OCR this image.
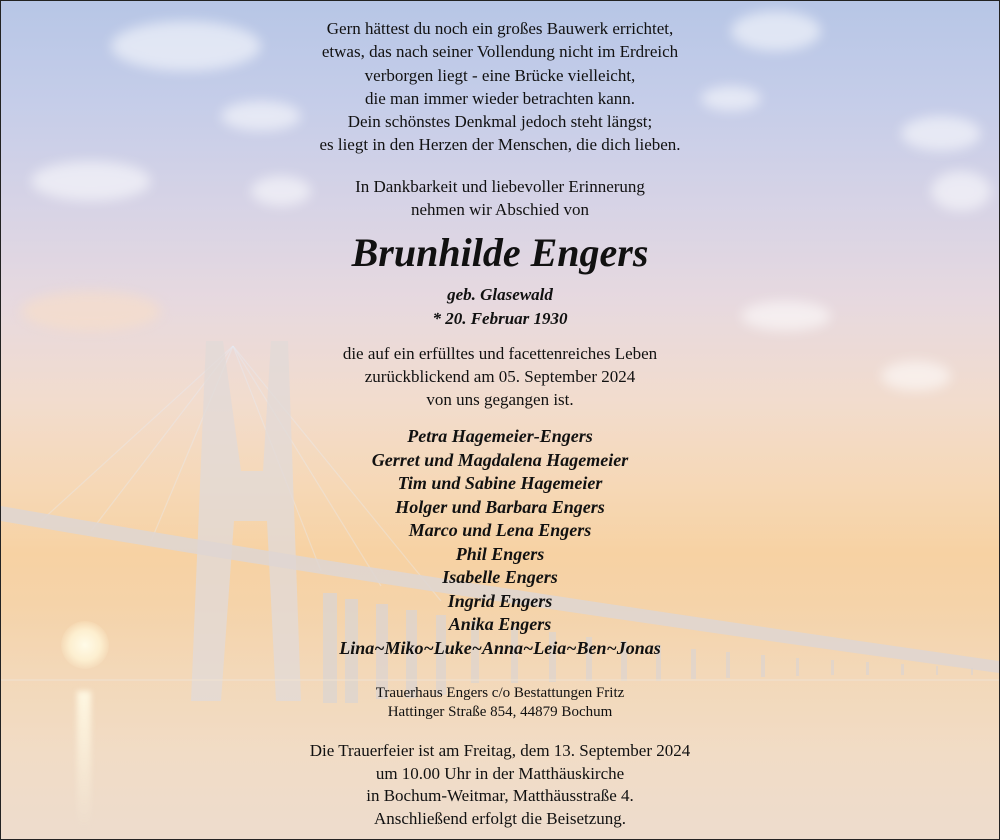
Gern hättest du noch ein großes Bauwerk errichtet,
etwas, das nach seiner Vollendung nicht im Erdreich
verborgen liegt - eine Brücke vielleicht,
die man immer wieder betrachten kann.
Dein schönstes Denkmal jedoch steht längst;
es liegt in den Herzen der Menschen, die dich lieben.
In Dankbarkeit und liebevoller Erinnerung
nehmen wir Abschied von
Brunhilde Engers
geb. Glasewald
* 20. Februar 1930
die auf ein erfülltes und facettenreiches Leben
zurückblickend am 05. September 2024
von uns gegangen ist.
Petra Hagemeier-Engers
Gerret und Magdalena Hagemeier
Tim und Sabine Hagemeier
Holger und Barbara Engers
Marco und Lena Engers
Phil Engers
Isabelle Engers
Ingrid Engers
Anika Engers
Lina~Miko~Luke~Anna~Leia~Ben~Jonas
Trauerhaus Engers c/o Bestattungen Fritz
Hattinger Straße 854, 44879 Bochum
Die Trauerfeier ist am Freitag, dem 13. September 2024
um 10.00 Uhr in der Matthäuskirche
in Bochum-Weitmar, Matthäusstraße 4.
Anschließend erfolgt die Beisetzung.
